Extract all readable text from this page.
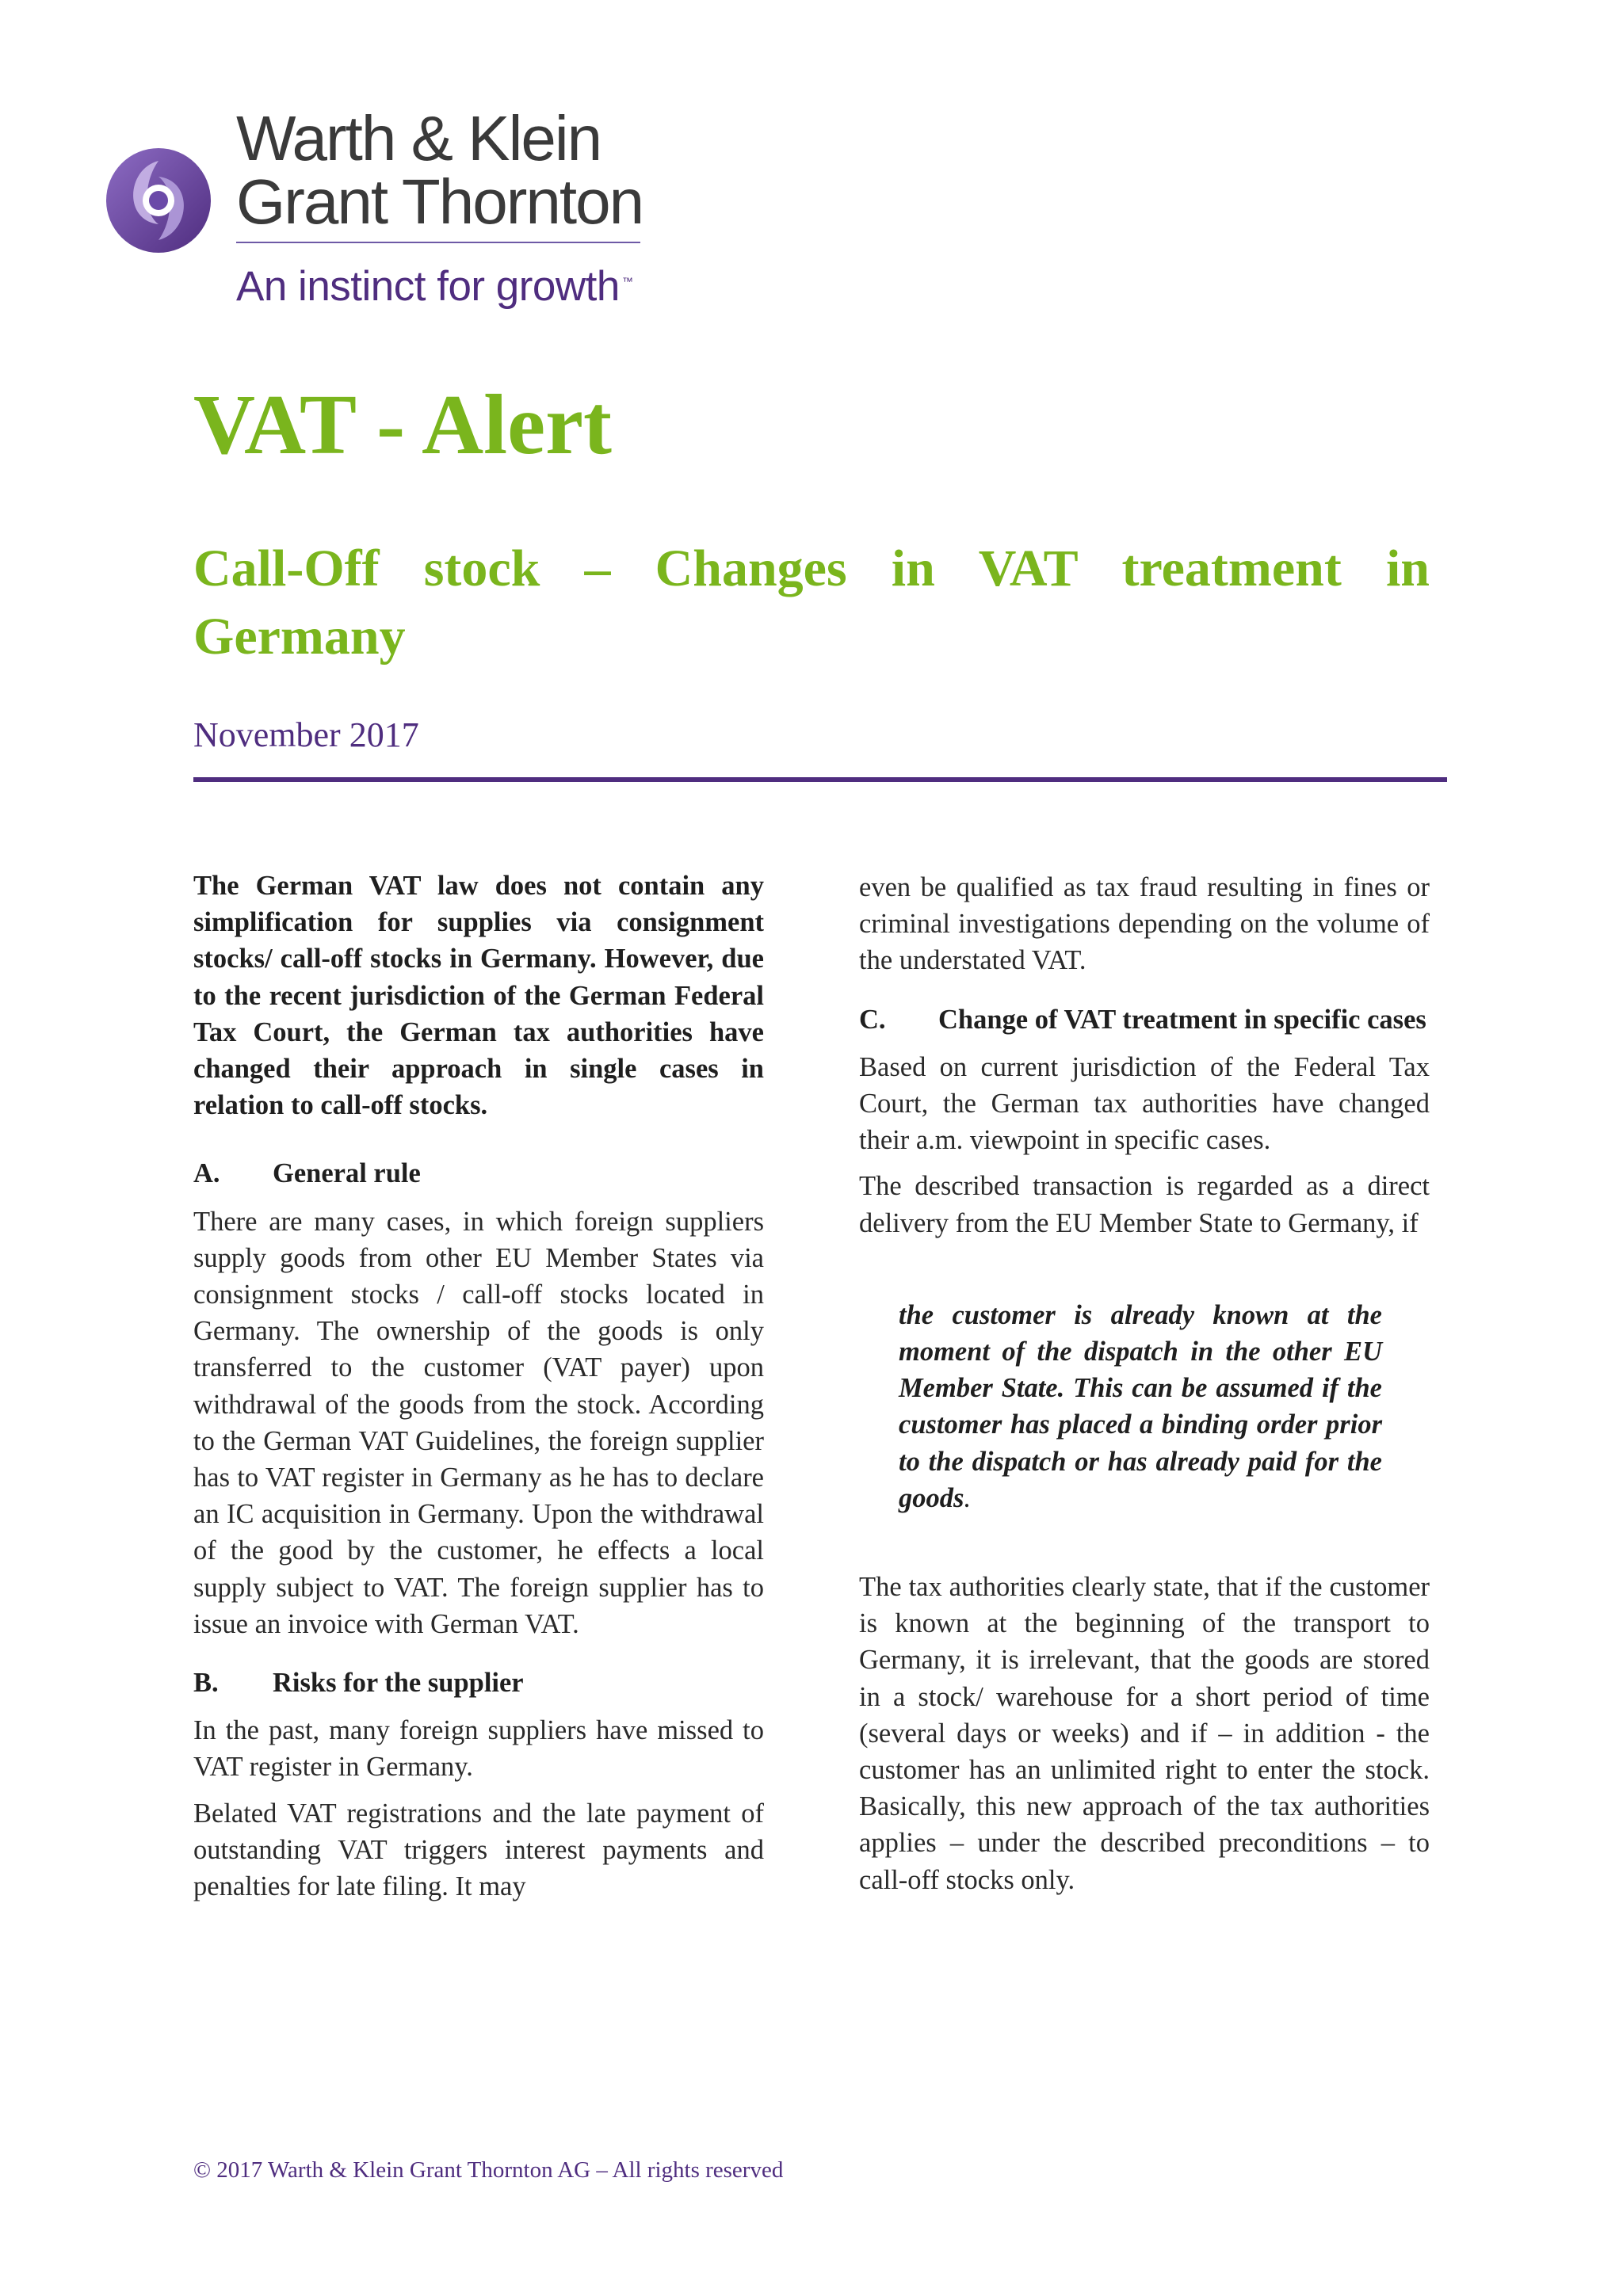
Warth & Klein
Grant Thornton
An instinct for growth ™
VAT - Alert
Call-Off stock – Changes in VAT treatment in Germany
November 2017

The German VAT law does not contain any simplification for supplies via consignment stocks/ call-off stocks in Germany. However, due to the recent jurisdiction of the German Federal Tax Court, the German tax authorities have changed their approach in single cases in relation to call-off stocks.

A.	General rule

There are many cases, in which foreign suppliers supply goods from other EU Member States via consignment stocks / call-off stocks located in Germany. The ownership of the goods is only transferred to the customer (VAT payer) upon withdrawal of the goods from the stock. According to the German VAT Guidelines, the foreign supplier has to VAT register in Germany as he has to declare an IC acquisition in Germany. Upon the withdrawal of the good by the customer, he effects a local supply subject to VAT. The foreign supplier has to issue an invoice with German VAT.

B.	Risks for the supplier

In the past, many foreign suppliers have missed to VAT register in Germany.

Belated VAT registrations and the late payment of outstanding VAT triggers interest payments and penalties for late filing. It may

even be qualified as tax fraud resulting in fines or criminal investigations depending on the volume of the understated VAT.

C.	Change of VAT treatment in specific cases

Based on current jurisdiction of the Federal Tax Court, the German tax authorities have changed their a.m. viewpoint in specific cases.

The described transaction is regarded as a direct delivery from the EU Member State to Germany, if

the customer is already known at the moment of the dispatch in the other EU Member State. This can be assumed if the customer has placed a binding order prior to the dispatch or has already paid for the goods.

The tax authorities clearly state, that if the customer is known at the beginning of the transport to Germany, it is irrelevant, that the goods are stored in a stock/ warehouse for a short period of time (several days or weeks) and if – in addition - the customer has an unlimited right to enter the stock. Basically, this new approach of the tax authorities applies – under the described preconditions – to call-off stocks only.

© 2017 Warth & Klein Grant Thornton AG – All rights reserved
